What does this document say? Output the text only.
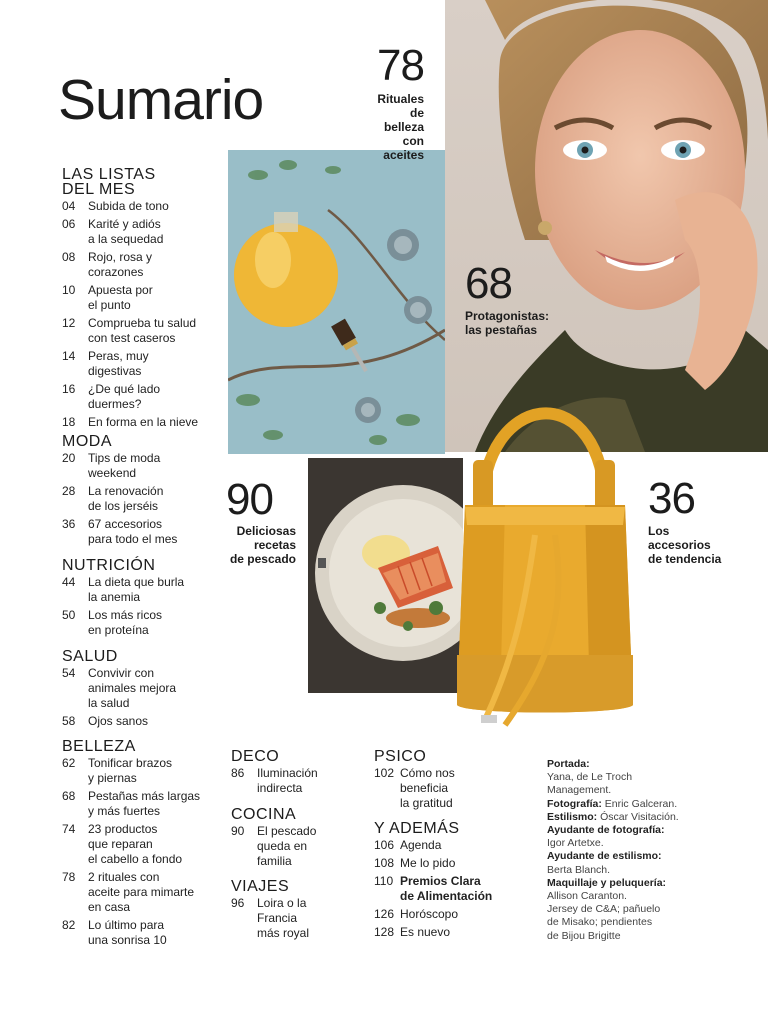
Sumario
78
Rituales de
belleza con
aceites
68
Protagonistas:
las pestañas
90
Deliciosas
recetas
de pescado
36
Los
accesorios
de tendencia
LAS LISTAS
DEL MES
04	Subida de tono
06	Karité y adiós
a la sequedad
08	Rojo, rosa y
corazones
10	Apuesta por
el punto
12	Comprueba tu salud
con test caseros
14	Peras, muy
digestivas
16	¿De qué lado
duermes?
18	En forma en la nieve
MODA
20	Tips de moda
weekend
28	La renovación
de los jerséis
36	67 accesorios
para todo el mes
NUTRICIÓN
44	La dieta que burla
la anemia
50	Los más ricos
en proteína
SALUD
54	Convivir con
animales mejora
la salud
58	Ojos sanos
BELLEZA
62	Tonificar brazos
y piernas
68	Pestañas más largas
y más fuertes
74	23 productos
que reparan
el cabello a fondo
78	2 rituales con
aceite para mimarte
en casa
82	Lo último para
una sonrisa 10
DECO
86	Iluminación
indirecta
COCINA
90	El pescado
queda en
familia
VIAJES
96	Loira o la
Francia
más royal
PSICO
102 Cómo nos
beneficia
la gratitud
Y ADEMÁS
106 Agenda
108 Me lo pido
110 Premios Clara
de Alimentación
126 Horóscopo
128 Es nuevo
Portada:
Yana, de Le Troch
Management.
Fotografía: Enric Galceran.
Estilismo: Óscar Visitación.
Ayudante de fotografía:
Igor Artetxe.
Ayudante de estilismo:
Berta Blanch.
Maquillaje y peluquería:
Allison Caranton.
Jersey de C&A; pañuelo
de Misako; pendientes
de Bijou Brigitte
